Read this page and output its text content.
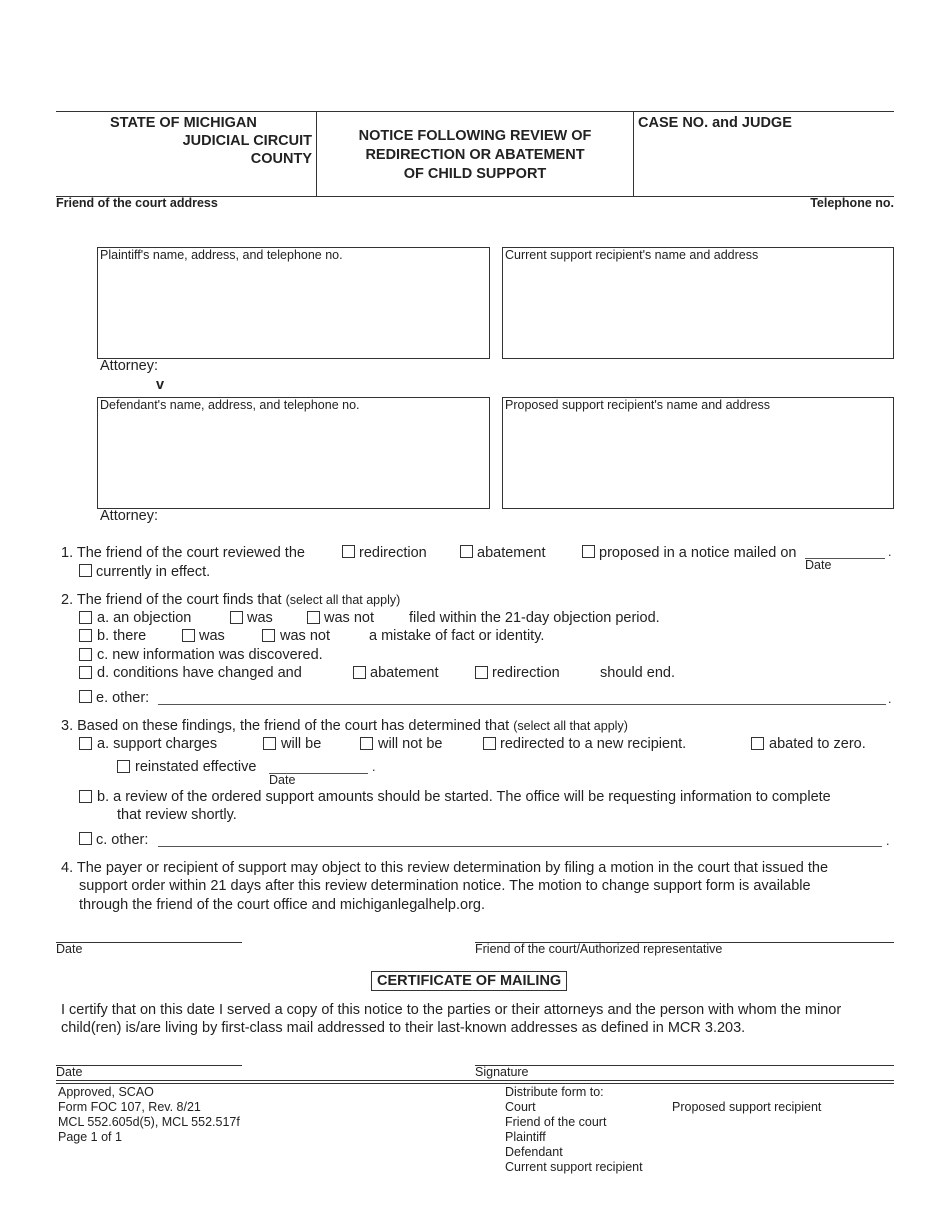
STATE OF MICHIGAN
JUDICIAL CIRCUIT
COUNTY
NOTICE FOLLOWING REVIEW OF
REDIRECTION OR ABATEMENT
OF CHILD SUPPORT
CASE NO. and JUDGE
Friend of the court address	Telephone no.
Plaintiff's name, address, and telephone no.	Current support recipient's name and address
Attorney:
v
Defendant's name, address, and telephone no.	Proposed support recipient's name and address
Attorney:
1. The friend of the court reviewed the	redirection	abatement	proposed in a notice mailed on	.
Date
currently in effect.
2. The friend of the court finds that (select all that apply)
a. an objection	was	was not filed within the 21-day objection period.
b. there	was	was not	a mistake of fact or identity.
c. new information was discovered.
d. conditions have changed and	abatement	redirection	should end.
e. other:	.
3. Based on these findings, the friend of the court has determined that (select all that apply)
a. support charges	will be	will not be	redirected to a new recipient.	abated to zero.
reinstated effective	.
Date
b. a review of the ordered support amounts should be started. The office will be requesting information to complete
that review shortly.
c. other:	.
4. The payer or recipient of support may object to this review determination by filing a motion in the court that issued the
support order within 21 days after this review determination notice. The motion to change support form is available
through the friend of the court office and michiganlegalhelp.org.
Date	Friend of the court/Authorized representative
CERTIFICATE OF MAILING
I certify that on this date I served a copy of this notice to the parties or their attorneys and the person with whom the minor
child(ren) is/are living by first-class mail addressed to their last-known addresses as defined in MCR 3.203.
Date	Signature
Approved, SCAO
Form FOC 107, Rev. 8/21
MCL 552.605d(5), MCL 552.517f
Page 1 of 1
Distribute form to:
Court
Friend of the court
Plaintiff
Defendant
Current support recipient
Proposed support recipient
